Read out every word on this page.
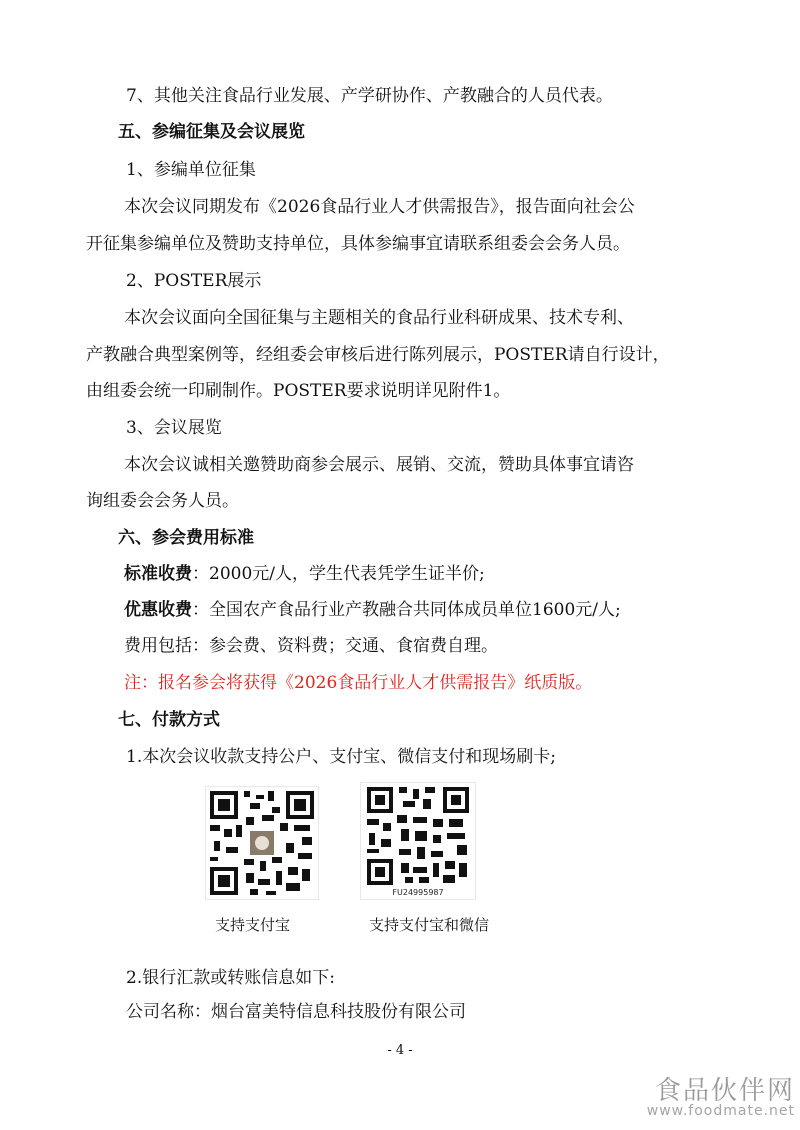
7、其他关注食品行业发展、产学研协作、产教融合的人员代表。
五、参编征集及会议展览
1、参编单位征集
本次会议同期发布《2026食品行业人才供需报告》，报告面向社会公
开征集参编单位及赞助支持单位，具体参编事宜请联系组委会会务人员。
2、POSTER展示
本次会议面向全国征集与主题相关的食品行业科研成果、技术专利、
产教融合典型案例等，经组委会审核后进行陈列展示，POSTER请自行设计，
由组委会统一印刷制作。POSTER要求说明详见附件1。
3、会议展览
本次会议诚相关邀赞助商参会展示、展销、交流，赞助具体事宜请咨
询组委会会务人员。
六、参会费用标准
标准收费：2000元/人，学生代表凭学生证半价;
优惠收费：全国农产食品行业产教融合共同体成员单位1600元/人;
费用包括：参会费、资料费；交通、食宿费自理。
注：报名参会将获得《2026食品行业人才供需报告》纸质版。
七、付款方式
1.本次会议收款支持公户、支付宝、微信支付和现场刷卡;
FU24995987
支持支付宝	支持支付宝和微信
2.银行汇款或转账信息如下:
公司名称：烟台富美特信息科技股份有限公司
- 4 -
食品伙伴网
www.foodmate.net
